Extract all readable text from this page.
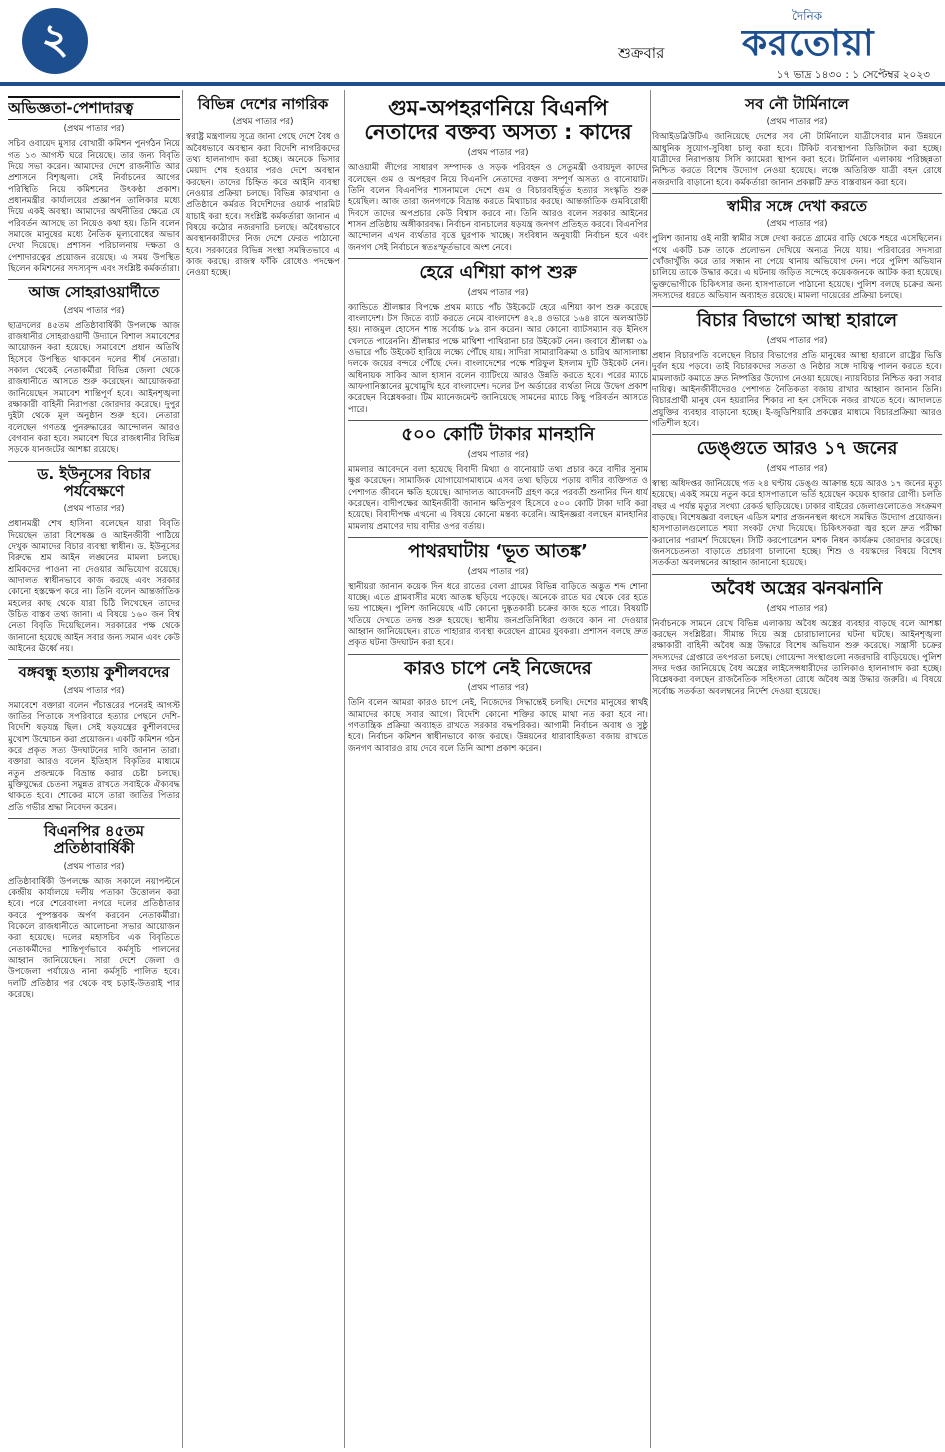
২	শুক্রবার
দৈনিক
করতোয়া
১৭ ভাদ্র ১৪৩০ : ১ সেপ্টেম্বর ২০২৩
অভিজ্ঞতা-পেশাদারত্ব
(প্রথম পাতার পর)

সচিব ওবায়েদ মুসার বোখারী কমিশন পুনর্গঠন নিয়ে গত ১৩ আগস্ট ঘরে নিয়েছে। তার জন্য বিবৃতি দিয়ে সভা করেন। আমাদের দেশে রাজনীতি আর প্রশাসনে বিশৃঙ্খলা। সেই নির্বাচনের আগের পরিস্থিতি নিয়ে কমিশনের উৎকণ্ঠা প্রকাশ। প্রধানমন্ত্রীর কার্যালয়ের প্রজ্ঞাপন তালিকার মধ্যে দিয়ে একই অবস্থা। আমাদের অর্থনীতির ক্ষেত্রে যে পরিবর্তন আসছে তা নিয়েও কথা হয়। তিনি বলেন সমাজে মানুষের মধ্যে নৈতিক মূল্যবোধের অভাব দেখা দিয়েছে। প্রশাসন পরিচালনায় দক্ষতা ও পেশাদারত্বের প্রয়োজন রয়েছে। এ সময় উপস্থিত ছিলেন কমিশনের সদস্যবৃন্দ এবং সংশ্লিষ্ট কর্মকর্তারা।

আজ সোহরাওয়ার্দীতে
(প্রথম পাতার পর)

ছাত্রদলের ৪৫তম প্রতিষ্ঠাবার্ষিকী উপলক্ষে আজ রাজধানীর সোহরাওয়ার্দী উদ্যানে বিশাল সমাবেশের আয়োজন করা হয়েছে। সমাবেশে প্রধান অতিথি হিসেবে উপস্থিত থাকবেন দলের শীর্ষ নেতারা। সকাল থেকেই নেতাকর্মীরা বিভিন্ন জেলা থেকে রাজধানীতে আসতে শুরু করেছেন। আয়োজকরা জানিয়েছেন সমাবেশ শান্তিপূর্ণ হবে। আইনশৃঙ্খলা রক্ষাকারী বাহিনী নিরাপত্তা জোরদার করেছে। দুপুর দুইটা থেকে মূল অনুষ্ঠান শুরু হবে। নেতারা বলেছেন গণতন্ত্র পুনরুদ্ধারের আন্দোলন আরও বেগবান করা হবে। সমাবেশ ঘিরে রাজধানীর বিভিন্ন সড়কে যানজটের আশঙ্কা রয়েছে।

ড. ইউনূসের বিচার পর্যবেক্ষণে
(প্রথম পাতার পর)

প্রধানমন্ত্রী শেখ হাসিনা বলেছেন যারা বিবৃতি দিয়েছেন তারা বিশেষজ্ঞ ও আইনজীবী পাঠিয়ে দেখুক আমাদের বিচার ব্যবস্থা স্বাধীন। ড. ইউনূসের বিরুদ্ধে শ্রম আইন লঙ্ঘনের মামলা চলছে। শ্রমিকদের পাওনা না দেওয়ার অভিযোগ রয়েছে। আদালত স্বাধীনভাবে কাজ করছে এবং সরকার কোনো হস্তক্ষেপ করে না। তিনি বলেন আন্তর্জাতিক মহলের কাছ থেকে যারা চিঠি লিখেছেন তাদের উচিত বাস্তব তথ্য জানা। এ বিষয়ে ১৬০ জন বিশ্ব নেতা বিবৃতি দিয়েছিলেন। সরকারের পক্ষ থেকে জানানো হয়েছে আইন সবার জন্য সমান এবং কেউ আইনের ঊর্ধ্বে নয়।

বঙ্গবন্ধু হত্যায় কুশীলবদের
(প্রথম পাতার পর)

সমাবেশে বক্তারা বলেন পঁচাত্তরের পনেরই আগস্ট জাতির পিতাকে সপরিবারে হত্যার পেছনে দেশি-বিদেশি ষড়যন্ত্র ছিল। সেই ষড়যন্ত্রের কুশীলবদের মুখোশ উন্মোচন করা প্রয়োজন। একটি কমিশন গঠন করে প্রকৃত সত্য উদঘাটনের দাবি জানান তারা। বক্তারা আরও বলেন ইতিহাস বিকৃতির মাধ্যমে নতুন প্রজন্মকে বিভ্রান্ত করার চেষ্টা চলছে। মুক্তিযুদ্ধের চেতনা সমুন্নত রাখতে সবাইকে ঐক্যবদ্ধ থাকতে হবে। শোকের মাসে তারা জাতির পিতার প্রতি গভীর শ্রদ্ধা নিবেদন করেন।

বিএনপির ৪৫তম প্রতিষ্ঠাবার্ষিকী
(প্রথম পাতার পর)

প্রতিষ্ঠাবার্ষিকী উপলক্ষে আজ সকালে নয়াপল্টনে কেন্দ্রীয় কার্যালয়ে দলীয় পতাকা উত্তোলন করা হবে। পরে শেরেবাংলা নগরে দলের প্রতিষ্ঠাতার কবরে পুষ্পস্তবক অর্পণ করবেন নেতাকর্মীরা। বিকেলে রাজধানীতে আলোচনা সভার আয়োজন করা হয়েছে। দলের মহাসচিব এক বিবৃতিতে নেতাকর্মীদের শান্তিপূর্ণভাবে কর্মসূচি পালনের আহ্বান জানিয়েছেন। সারা দেশে জেলা ও উপজেলা পর্যায়েও নানা কর্মসূচি পালিত হবে। দলটি প্রতিষ্ঠার পর থেকে বহু চড়াই-উতরাই পার করেছে।

বিভিন্ন দেশের নাগরিক
(প্রথম পাতার পর)

স্বরাষ্ট্র মন্ত্রণালয় সূত্রে জানা গেছে দেশে বৈধ ও অবৈধভাবে অবস্থান করা বিদেশি নাগরিকদের তথ্য হালনাগাদ করা হচ্ছে। অনেকে ভিসার মেয়াদ শেষ হওয়ার পরও দেশে অবস্থান করছেন। তাদের চিহ্নিত করে আইনি ব্যবস্থা নেওয়ার প্রক্রিয়া চলছে। বিভিন্ন কারখানা ও প্রতিষ্ঠানে কর্মরত বিদেশিদের ওয়ার্ক পারমিট যাচাই করা হবে। সংশ্লিষ্ট কর্মকর্তারা জানান এ বিষয়ে কঠোর নজরদারি চলছে। অবৈধভাবে অবস্থানকারীদের নিজ দেশে ফেরত পাঠানো হবে। সরকারের বিভিন্ন সংস্থা সমন্বিতভাবে এ কাজ করছে। রাজস্ব ফাঁকি রোধেও পদক্ষেপ নেওয়া হচ্ছে।

গুম-অপহরণনিয়ে বিএনপি নেতাদের বক্তব্য অসত্য : কাদের
(প্রথম পাতার পর)

আওয়ামী লীগের সাধারণ সম্পাদক ও সড়ক পরিবহন ও সেতুমন্ত্রী ওবায়দুল কাদের বলেছেন গুম ও অপহরণ নিয়ে বিএনপি নেতাদের বক্তব্য সম্পূর্ণ অসত্য ও বানোয়াট। তিনি বলেন বিএনপির শাসনামলে দেশে গুম ও বিচারবহির্ভূত হত্যার সংস্কৃতি শুরু হয়েছিল। আজ তারা জনগণকে বিভ্রান্ত করতে মিথ্যাচার করছে। আন্তর্জাতিক গুমবিরোধী দিবসে তাদের অপপ্রচার কেউ বিশ্বাস করবে না। তিনি আরও বলেন সরকার আইনের শাসন প্রতিষ্ঠায় অঙ্গীকারবদ্ধ। নির্বাচন বানচালের ষড়যন্ত্র জনগণ প্রতিহত করবে। বিএনপির আন্দোলন এখন ব্যর্থতার বৃত্তে ঘুরপাক খাচ্ছে। সংবিধান অনুযায়ী নির্বাচন হবে এবং জনগণ সেই নির্বাচনে স্বতঃস্ফূর্তভাবে অংশ নেবে।

হেরে এশিয়া কাপ শুরু
(প্রথম পাতার পর)

ক্যান্ডিতে শ্রীলঙ্কার বিপক্ষে প্রথম ম্যাচে পাঁচ উইকেটে হেরে এশিয়া কাপ শুরু করেছে বাংলাদেশ। টস জিতে ব্যাট করতে নেমে বাংলাদেশ ৪২.৪ ওভারে ১৬৪ রানে অলআউট হয়। নাজমুল হোসেন শান্ত সর্বোচ্চ ৮৯ রান করেন। আর কোনো ব্যাটসম্যান বড় ইনিংস খেলতে পারেননি। শ্রীলঙ্কার পক্ষে মাথিশা পাথিরানা চার উইকেট নেন। জবাবে শ্রীলঙ্কা ৩৯ ওভারে পাঁচ উইকেট হারিয়ে লক্ষ্যে পৌঁছে যায়। সাদিরা সামারাবিক্রমা ও চারিথ আসালাঙ্কা দলকে জয়ের বন্দরে পৌঁছে দেন। বাংলাদেশের পক্ষে শরিফুল ইসলাম দুটি উইকেট নেন। অধিনায়ক সাকিব আল হাসান বলেন ব্যাটিংয়ে আরও উন্নতি করতে হবে। পরের ম্যাচে আফগানিস্তানের মুখোমুখি হবে বাংলাদেশ। দলের টপ অর্ডারের ব্যর্থতা নিয়ে উদ্বেগ প্রকাশ করেছেন বিশ্লেষকরা। টিম ম্যানেজমেন্ট জানিয়েছে সামনের ম্যাচে কিছু পরিবর্তন আসতে পারে।

৫০০ কোটি টাকার মানহানি
(প্রথম পাতার পর)

মামলার আবেদনে বলা হয়েছে বিবাদী মিথ্যা ও বানোয়াট তথ্য প্রচার করে বাদীর সুনাম ক্ষুণ্ণ করেছেন। সামাজিক যোগাযোগমাধ্যমে এসব তথ্য ছড়িয়ে পড়ায় বাদীর ব্যক্তিগত ও পেশাগত জীবনে ক্ষতি হয়েছে। আদালত আবেদনটি গ্রহণ করে পরবর্তী শুনানির দিন ধার্য করেছেন। বাদীপক্ষের আইনজীবী জানান ক্ষতিপূরণ হিসেবে ৫০০ কোটি টাকা দাবি করা হয়েছে। বিবাদীপক্ষ এখনো এ বিষয়ে কোনো মন্তব্য করেনি। আইনজ্ঞরা বলছেন মানহানির মামলায় প্রমাণের দায় বাদীর ওপর বর্তায়।

পাথরঘাটায় ‘ভূত আতঙ্ক’
(প্রথম পাতার পর)

স্থানীয়রা জানান কয়েক দিন ধরে রাতের বেলা গ্রামের বিভিন্ন বাড়িতে অদ্ভুত শব্দ শোনা যাচ্ছে। এতে গ্রামবাসীর মধ্যে আতঙ্ক ছড়িয়ে পড়েছে। অনেকে রাতে ঘর থেকে বের হতে ভয় পাচ্ছেন। পুলিশ জানিয়েছে এটি কোনো দুষ্কৃতকারী চক্রের কাজ হতে পারে। বিষয়টি খতিয়ে দেখতে তদন্ত শুরু হয়েছে। স্থানীয় জনপ্রতিনিধিরা গুজবে কান না দেওয়ার আহ্বান জানিয়েছেন। রাতে পাহারার ব্যবস্থা করেছেন গ্রামের যুবকরা। প্রশাসন বলছে দ্রুত প্রকৃত ঘটনা উদঘাটন করা হবে।

কারও চাপে নেই নিজেদের
(প্রথম পাতার পর)

তিনি বলেন আমরা কারও চাপে নেই, নিজেদের সিদ্ধান্তেই চলছি। দেশের মানুষের স্বার্থই আমাদের কাছে সবার আগে। বিদেশি কোনো শক্তির কাছে মাথা নত করা হবে না। গণতান্ত্রিক প্রক্রিয়া অব্যাহত রাখতে সরকার বদ্ধপরিকর। আগামী নির্বাচন অবাধ ও সুষ্ঠু হবে। নির্বাচন কমিশন স্বাধীনভাবে কাজ করছে। উন্নয়নের ধারাবাহিকতা বজায় রাখতে জনগণ আবারও রায় দেবে বলে তিনি আশা প্রকাশ করেন।

সব নৌ টার্মিনালে
(প্রথম পাতার পর)

বিআইডব্লিউটিএ জানিয়েছে দেশের সব নৌ টার্মিনালে যাত্রীসেবার মান উন্নয়নে আধুনিক সুযোগ-সুবিধা চালু করা হবে। টিকিট ব্যবস্থাপনা ডিজিটাল করা হচ্ছে। যাত্রীদের নিরাপত্তায় সিসি ক্যামেরা স্থাপন করা হবে। টার্মিনাল এলাকায় পরিচ্ছন্নতা নিশ্চিত করতে বিশেষ উদ্যোগ নেওয়া হয়েছে। লঞ্চে অতিরিক্ত যাত্রী বহন রোধে নজরদারি বাড়ানো হবে। কর্মকর্তারা জানান প্রকল্পটি দ্রুত বাস্তবায়ন করা হবে।

স্বামীর সঙ্গে দেখা করতে
(প্রথম পাতার পর)

পুলিশ জানায় ওই নারী স্বামীর সঙ্গে দেখা করতে গ্রামের বাড়ি থেকে শহরে এসেছিলেন। পথে একটি চক্র তাকে প্রলোভন দেখিয়ে অন্যত্র নিয়ে যায়। পরিবারের সদস্যরা খোঁজাখুঁজি করে তার সন্ধান না পেয়ে থানায় অভিযোগ দেন। পরে পুলিশ অভিযান চালিয়ে তাকে উদ্ধার করে। এ ঘটনায় জড়িত সন্দেহে কয়েকজনকে আটক করা হয়েছে। ভুক্তভোগীকে চিকিৎসার জন্য হাসপাতালে পাঠানো হয়েছে। পুলিশ বলছে চক্রের অন্য সদস্যদের ধরতে অভিযান অব্যাহত রয়েছে। মামলা দায়েরের প্রক্রিয়া চলছে।

বিচার বিভাগে আস্থা হারালে
(প্রথম পাতার পর)

প্রধান বিচারপতি বলেছেন বিচার বিভাগের প্রতি মানুষের আস্থা হারালে রাষ্ট্রের ভিত্তি দুর্বল হয়ে পড়বে। তাই বিচারকদের সততা ও নিষ্ঠার সঙ্গে দায়িত্ব পালন করতে হবে। মামলাজট কমাতে দ্রুত নিষ্পত্তির উদ্যোগ নেওয়া হয়েছে। ন্যায়বিচার নিশ্চিত করা সবার দায়িত্ব। আইনজীবীদেরও পেশাগত নৈতিকতা বজায় রাখার আহ্বান জানান তিনি। বিচারপ্রার্থী মানুষ যেন হয়রানির শিকার না হন সেদিকে নজর রাখতে হবে। আদালতে প্রযুক্তির ব্যবহার বাড়ানো হচ্ছে। ই-জুডিশিয়ারি প্রকল্পের মাধ্যমে বিচারপ্রক্রিয়া আরও গতিশীল হবে।

ডেঙ্গুতে আরও ১৭ জনের
(প্রথম পাতার পর)

স্বাস্থ্য অধিদপ্তর জানিয়েছে গত ২৪ ঘণ্টায় ডেঙ্গু আক্রান্ত হয়ে আরও ১৭ জনের মৃত্যু হয়েছে। একই সময়ে নতুন করে হাসপাতালে ভর্তি হয়েছেন কয়েক হাজার রোগী। চলতি বছর এ পর্যন্ত মৃত্যুর সংখ্যা রেকর্ড ছাড়িয়েছে। ঢাকার বাইরের জেলাগুলোতেও সংক্রমণ বাড়ছে। বিশেষজ্ঞরা বলছেন এডিস মশার প্রজননস্থল ধ্বংসে সমন্বিত উদ্যোগ প্রয়োজন। হাসপাতালগুলোতে শয্যা সংকট দেখা দিয়েছে। চিকিৎসকরা জ্বর হলে দ্রুত পরীক্ষা করানোর পরামর্শ দিয়েছেন। সিটি করপোরেশন মশক নিধন কার্যক্রম জোরদার করেছে। জনসচেতনতা বাড়াতে প্রচারণা চালানো হচ্ছে। শিশু ও বয়স্কদের বিষয়ে বিশেষ সতর্কতা অবলম্বনের আহ্বান জানানো হয়েছে।

অবৈধ অস্ত্রের ঝনঝনানি
(প্রথম পাতার পর)

নির্বাচনকে সামনে রেখে বিভিন্ন এলাকায় অবৈধ অস্ত্রের ব্যবহার বাড়ছে বলে আশঙ্কা করছেন সংশ্লিষ্টরা। সীমান্ত দিয়ে অস্ত্র চোরাচালানের ঘটনা ঘটছে। আইনশৃঙ্খলা রক্ষাকারী বাহিনী অবৈধ অস্ত্র উদ্ধারে বিশেষ অভিযান শুরু করেছে। সন্ত্রাসী চক্রের সদস্যদের গ্রেপ্তারে তৎপরতা চলছে। গোয়েন্দা সংস্থাগুলো নজরদারি বাড়িয়েছে। পুলিশ সদর দপ্তর জানিয়েছে বৈধ অস্ত্রের লাইসেন্সধারীদের তালিকাও হালনাগাদ করা হচ্ছে। বিশ্লেষকরা বলছেন রাজনৈতিক সহিংসতা রোধে অবৈধ অস্ত্র উদ্ধার জরুরি। এ বিষয়ে সর্বোচ্চ সতর্কতা অবলম্বনের নির্দেশ দেওয়া হয়েছে।
